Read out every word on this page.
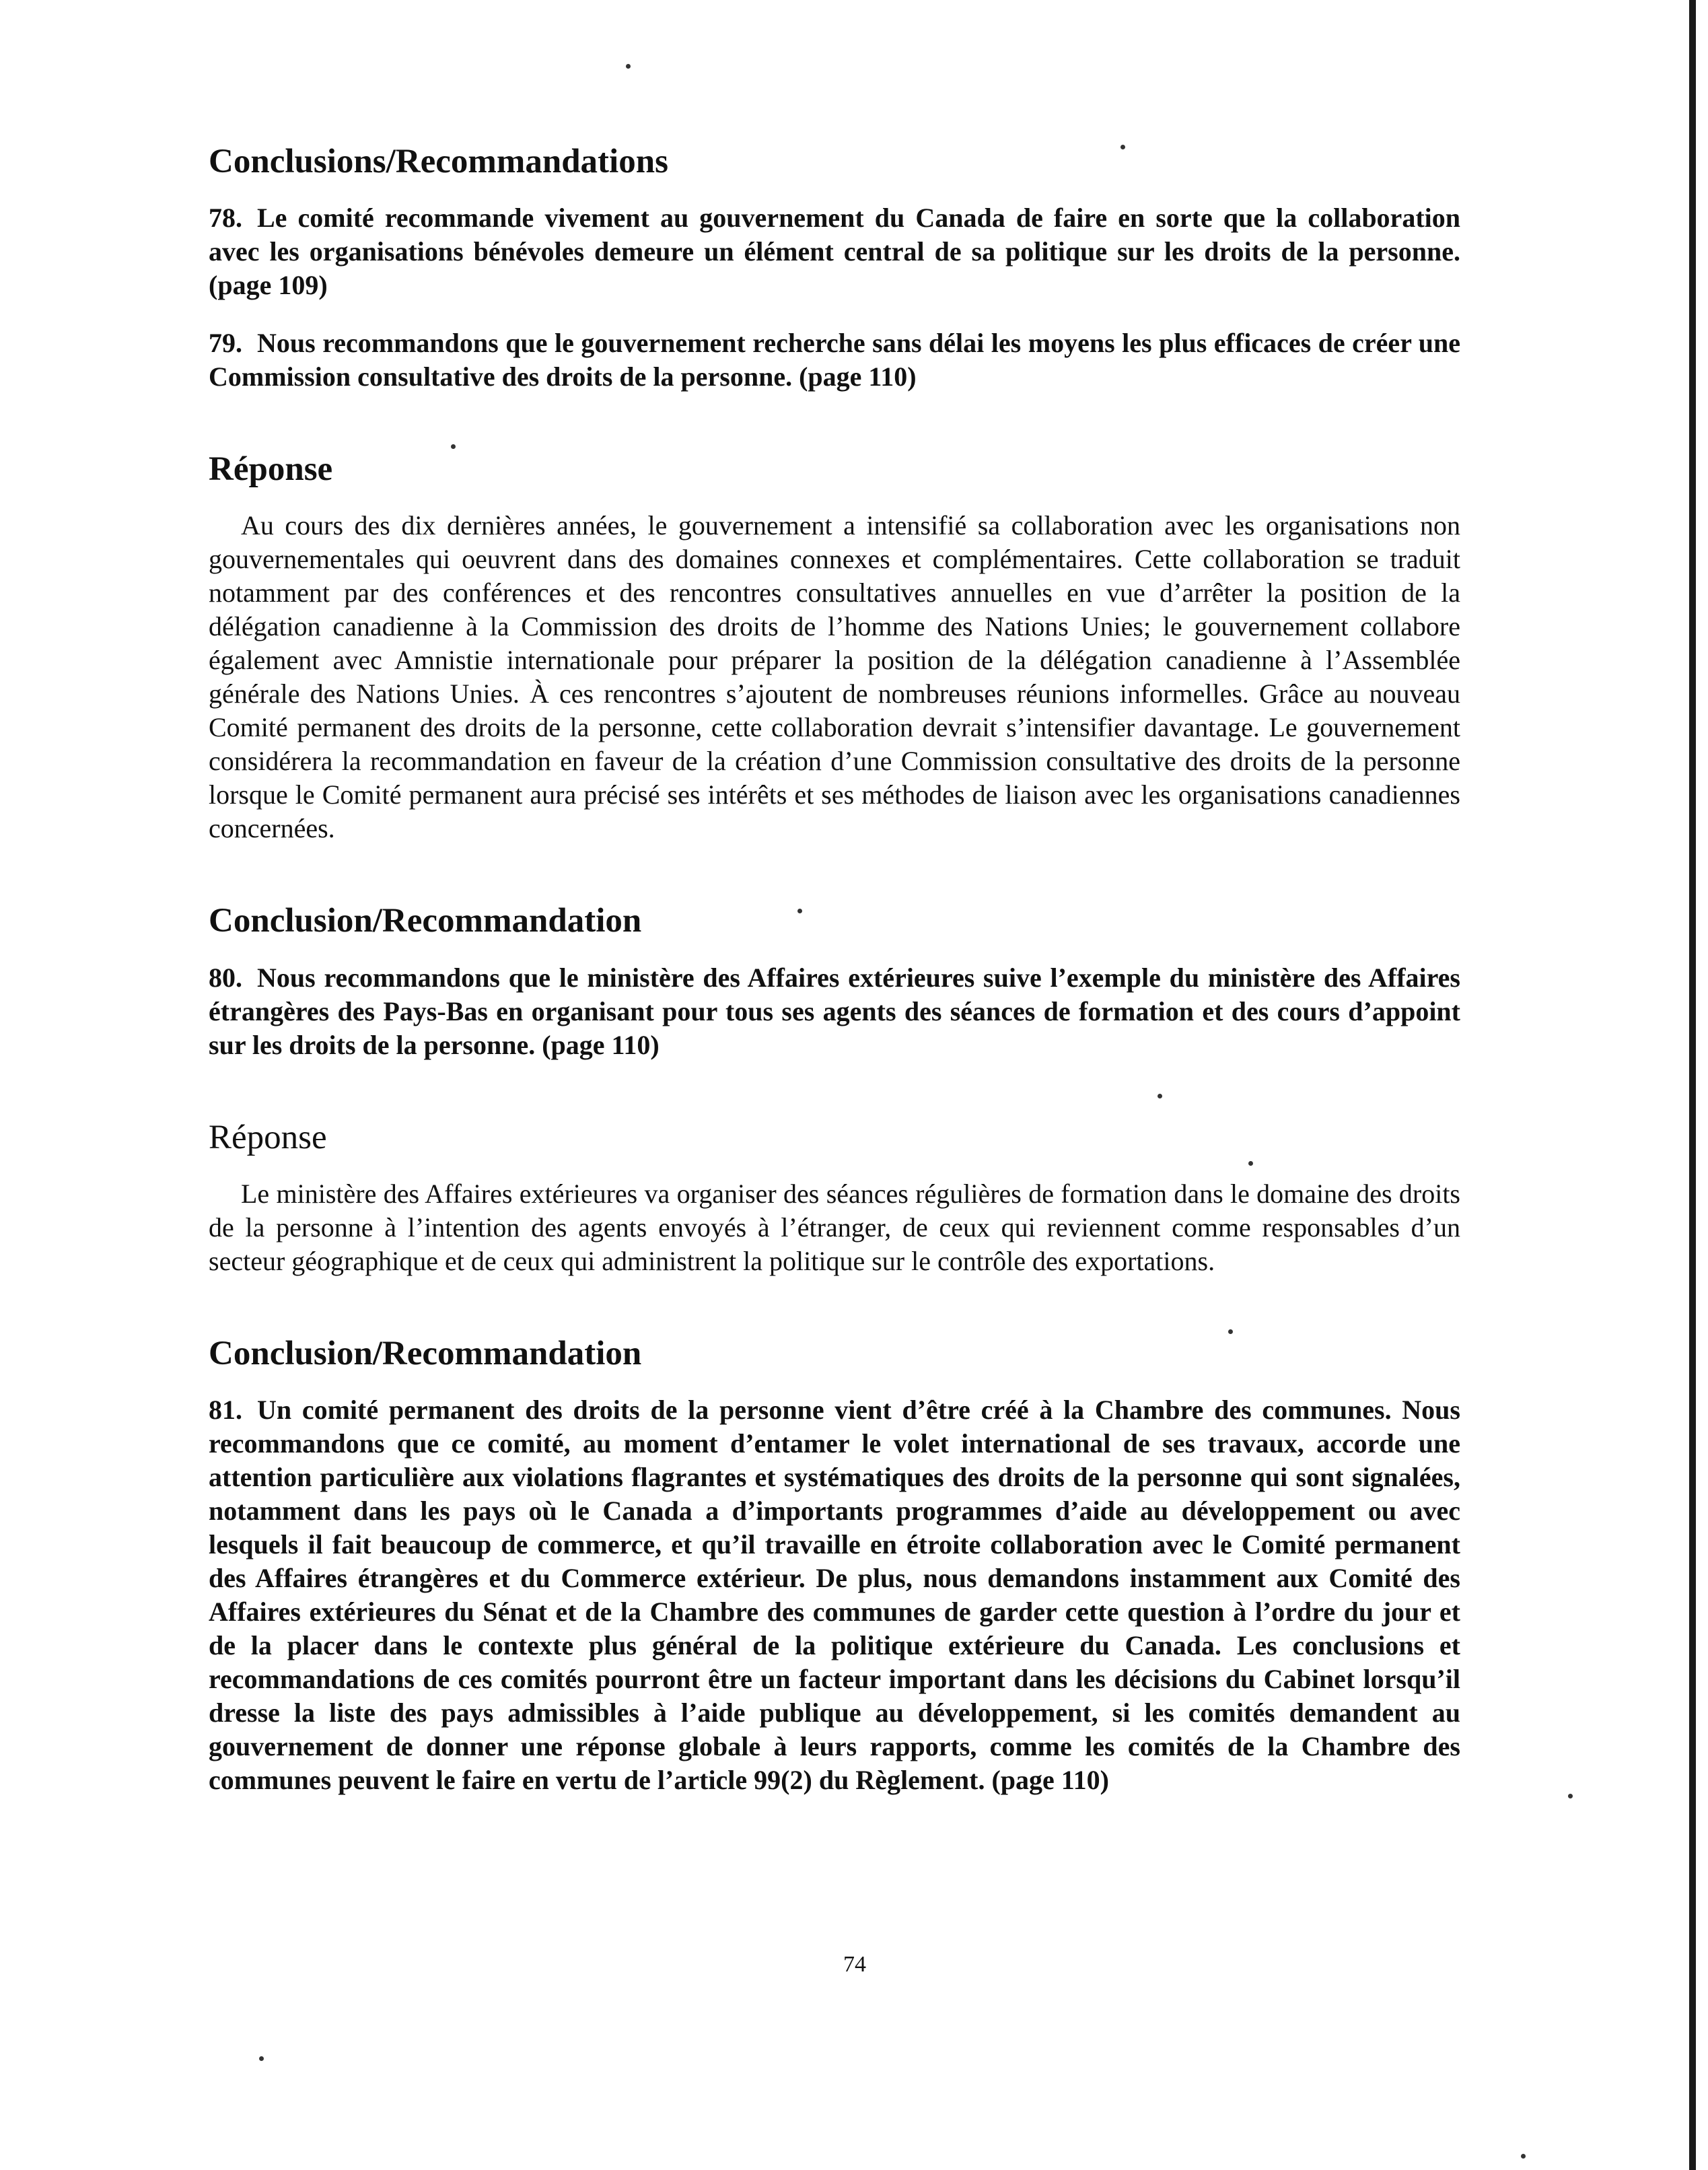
Conclusions/Recommandations

78. Le comité recommande vivement au gouvernement du Canada de faire en sorte que la collaboration avec les organisations bénévoles demeure un élément central de sa politique sur les droits de la personne. (page 109)

79. Nous recommandons que le gouvernement recherche sans délai les moyens les plus efficaces de créer une Commission consultative des droits de la personne. (page 110)

Réponse

Au cours des dix dernières années, le gouvernement a intensifié sa collaboration avec les organisations non gouvernementales qui oeuvrent dans des domaines connexes et complémentaires. Cette collaboration se traduit notamment par des conférences et des rencontres consultatives annuelles en vue d’arrêter la position de la délégation canadienne à la Commission des droits de l’homme des Nations Unies; le gouvernement collabore également avec Amnistie internationale pour préparer la position de la délégation canadienne à l’Assemblée générale des Nations Unies. À ces rencontres s’ajoutent de nombreuses réunions informelles. Grâce au nouveau Comité permanent des droits de la personne, cette collaboration devrait s’intensifier davantage. Le gouvernement considérera la recommandation en faveur de la création d’une Commission consultative des droits de la personne lorsque le Comité permanent aura précisé ses intérêts et ses méthodes de liaison avec les organisations canadiennes concernées.

Conclusion/Recommandation

80. Nous recommandons que le ministère des Affaires extérieures suive l’exemple du ministère des Affaires étrangères des Pays-Bas en organisant pour tous ses agents des séances de formation et des cours d’appoint sur les droits de la personne. (page 110)

Réponse

Le ministère des Affaires extérieures va organiser des séances régulières de formation dans le domaine des droits de la personne à l’intention des agents envoyés à l’étranger, de ceux qui reviennent comme responsables d’un secteur géographique et de ceux qui administrent la politique sur le contrôle des exportations.

Conclusion/Recommandation

81. Un comité permanent des droits de la personne vient d’être créé à la Chambre des communes. Nous recommandons que ce comité, au moment d’entamer le volet international de ses travaux, accorde une attention particulière aux violations flagrantes et systématiques des droits de la personne qui sont signalées, notamment dans les pays où le Canada a d’importants programmes d’aide au développement ou avec lesquels il fait beaucoup de commerce, et qu’il travaille en étroite collaboration avec le Comité permanent des Affaires étrangères et du Commerce extérieur. De plus, nous demandons instamment aux Comité des Affaires extérieures du Sénat et de la Chambre des communes de garder cette question à l’ordre du jour et de la placer dans le contexte plus général de la politique extérieure du Canada. Les conclusions et recommandations de ces comités pourront être un facteur important dans les décisions du Cabinet lorsqu’il dresse la liste des pays admissibles à l’aide publique au développement, si les comités demandent au gouvernement de donner une réponse globale à leurs rapports, comme les comités de la Chambre des communes peuvent le faire en vertu de l’article 99(2) du Règlement. (page 110)

74
